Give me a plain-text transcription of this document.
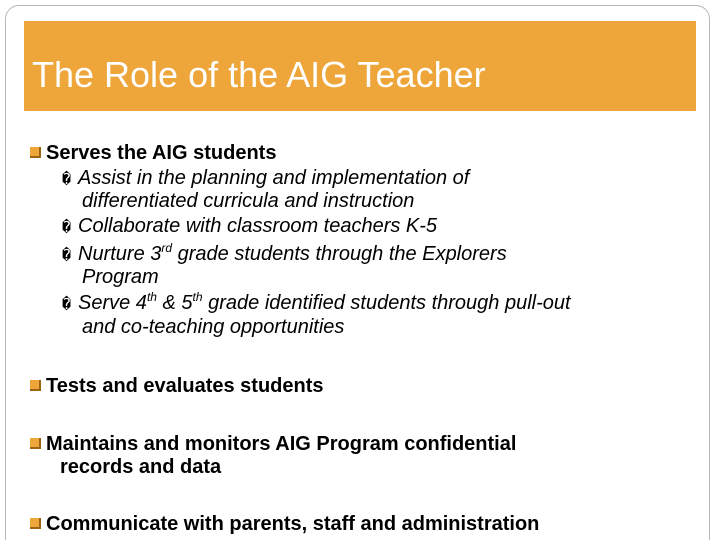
The Role of the AIG Teacher
Serves the AIG students
� Assist in the planning and implementation of
differentiated curricula and instruction
� Collaborate with classroom teachers K-5
� Nurture 3rd grade students through the Explorers
Program
� Serve 4th & 5th grade identified students through pull-out
and co-teaching opportunities
Tests and evaluates students
Maintains and monitors AIG Program confidential
records and data
Communicate with parents, staff and administration
